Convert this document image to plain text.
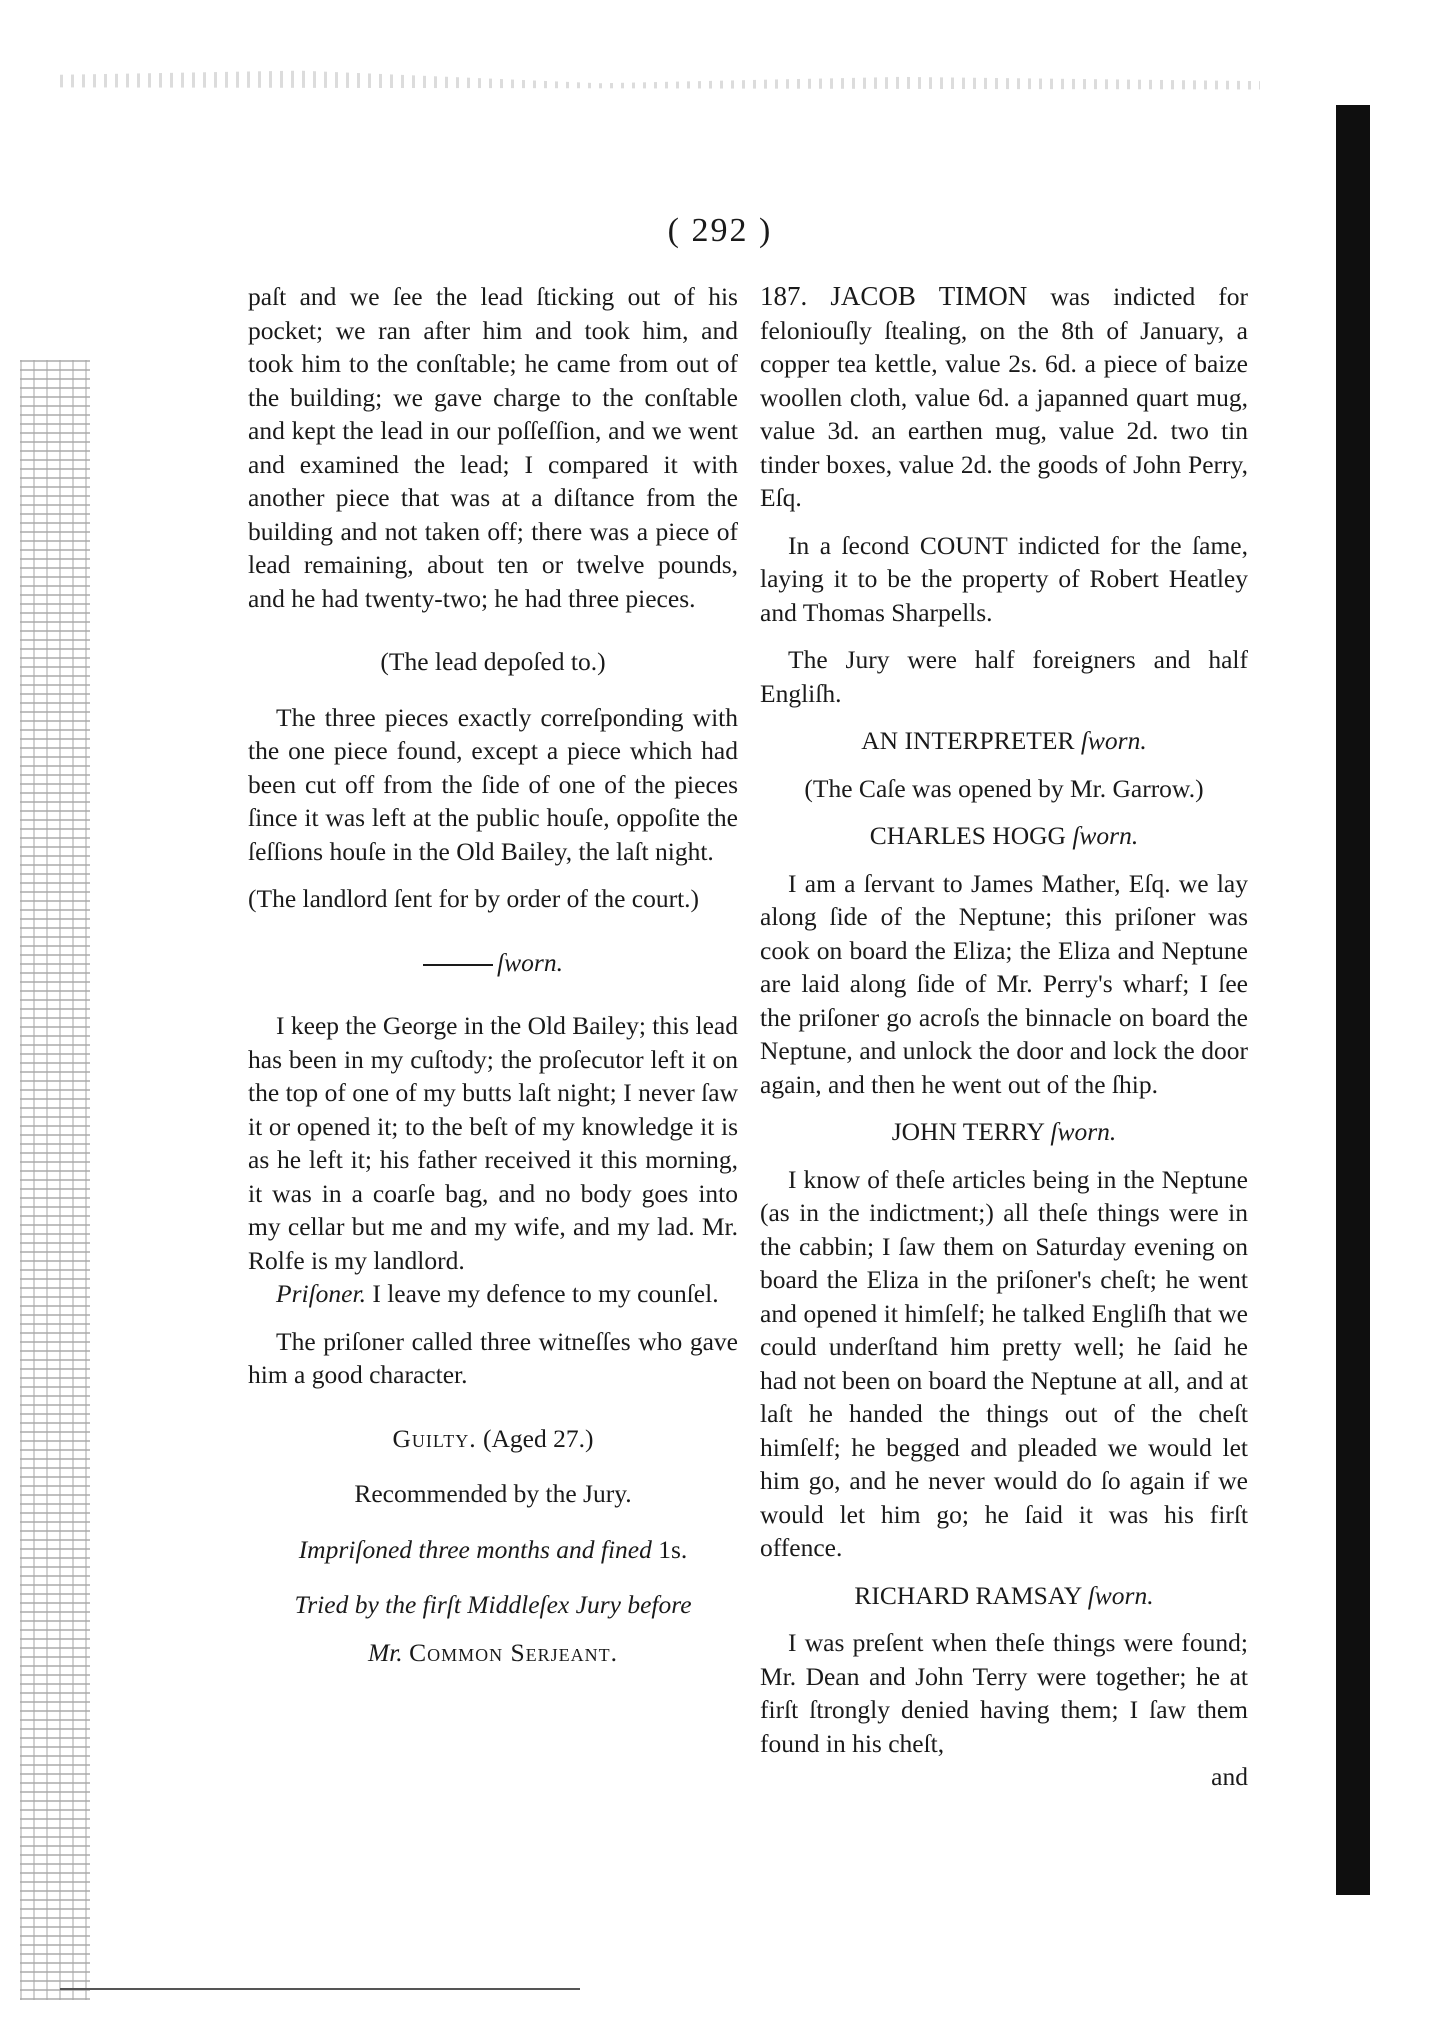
( 292 )

paſt and we ſee the lead ſticking out of his pocket; we ran after him and took him, and took him to the conſtable; he came from out of the building; we gave charge to the conſtable and kept the lead in our poſſeſſion, and we went and examined the lead; I compared it with another piece that was at a diſtance from the building and not taken off; there was a piece of lead remaining, about ten or twelve pounds, and he had twenty-two; he had three pieces.

(The lead depoſed to.)

The three pieces exactly correſponding with the one piece found, except a piece which had been cut off from the ſide of one of the pieces ſince it was left at the public houſe, oppoſite the ſeſſions houſe in the Old Bailey, the laſt night.

(The landlord ſent for by order of the court.)

ſworn.

I keep the George in the Old Bailey; this lead has been in my cuſtody; the proſecutor left it on the top of one of my butts laſt night; I never ſaw it or opened it; to the beſt of my knowledge it is as he left it; his father received it this morning, it was in a coarſe bag, and no body goes into my cellar but me and my wife, and my lad. Mr. Rolfe is my landlord.

Priſoner. I leave my defence to my counſel.

The priſoner called three witneſſes who gave him a good character.

Guilty. (Aged 27.)

Recommended by the Jury.

Impriſoned three months and fined 1s.

Tried by the firſt Middleſex Jury before

Mr. Common Serjeant.

187. JACOB TIMON was indicted for feloniouſly ſtealing, on the 8th of January, a copper tea kettle, value 2s. 6d. a piece of baize woollen cloth, value 6d. a japanned quart mug, value 3d. an earthen mug, value 2d. two tin tinder boxes, value 2d. the goods of John Perry, Eſq.

In a ſecond COUNT indicted for the ſame, laying it to be the property of Robert Heatley and Thomas Sharpells.

The Jury were half foreigners and half Engliſh.

AN INTERPRETER ſworn.

(The Caſe was opened by Mr. Garrow.)

CHARLES HOGG ſworn.

I am a ſervant to James Mather, Eſq. we lay along ſide of the Neptune; this priſoner was cook on board the Eliza; the Eliza and Neptune are laid along ſide of Mr. Perry's wharf; I ſee the priſoner go acroſs the binnacle on board the Neptune, and unlock the door and lock the door again, and then he went out of the ſhip.

JOHN TERRY ſworn.

I know of theſe articles being in the Neptune (as in the indictment;) all theſe things were in the cabbin; I ſaw them on Saturday evening on board the Eliza in the priſoner's cheſt; he went and opened it himſelf; he talked Engliſh that we could underſtand him pretty well; he ſaid he had not been on board the Neptune at all, and at laſt he handed the things out of the cheſt himſelf; he begged and pleaded we would let him go, and he never would do ſo again if we would let him go; he ſaid it was his firſt offence.

RICHARD RAMSAY ſworn.

I was preſent when theſe things were found; Mr. Dean and John Terry were together; he at firſt ſtrongly denied having them; I ſaw them found in his cheſt,

and
